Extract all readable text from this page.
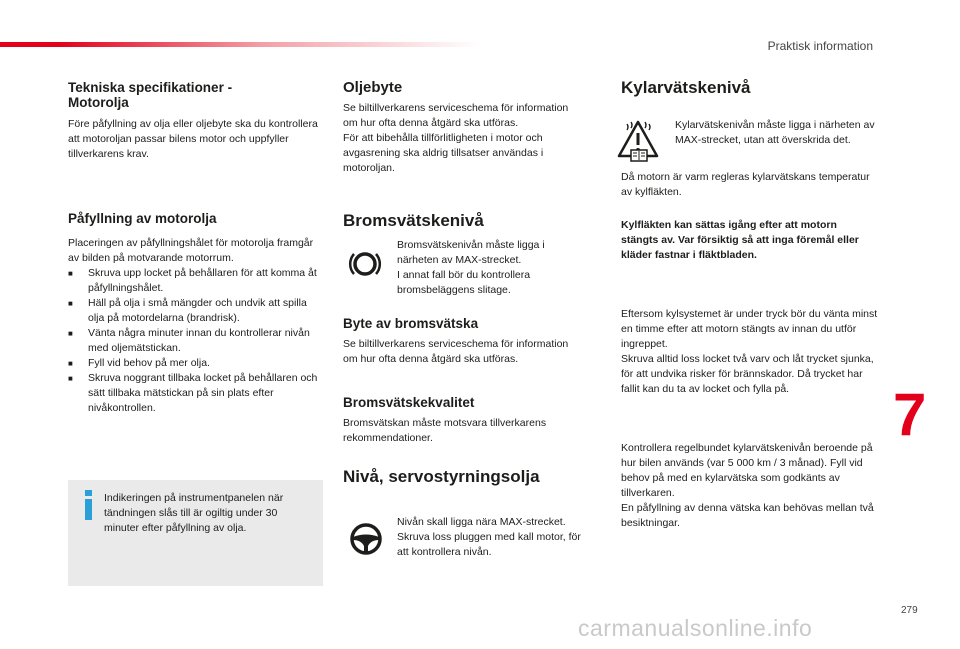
Praktisk information
Tekniska specifikationer -
Motorolja

Före påfyllning av olja eller oljebyte ska du kontrollera att motoroljan passar bilens motor och uppfyller tillverkarens krav.

Påfyllning av motorolja

Placeringen av påfyllningshålet för motorolja framgår av bilden på motvarande motorrum.

■ Skruva upp locket på behållaren för att komma åt påfyllningshålet.
■ Häll på olja i små mängder och undvik att spilla olja på motordelarna (brandrisk).
■ Vänta några minuter innan du kontrollerar nivån med oljemätstickan.
■ Fyll vid behov på mer olja.
■ Skruva noggrant tillbaka locket på behållaren och sätt tillbaka mätstickan på sin plats efter nivåkontrollen.
Indikeringen på instrumentpanelen när tändningen slås till är ogiltig under 30 minuter efter påfyllning av olja.
Oljebyte

Se biltillverkarens serviceschema för information om hur ofta denna åtgärd ska utföras.
För att bibehålla tillförlitligheten i motor och avgasrening ska aldrig tillsatser användas i motoroljan.

Bromsvätskenivå

Bromsvätskenivån måste ligga i närheten av MAX-strecket.
I annat fall bör du kontrollera bromsbeläggens slitage.

Byte av bromsvätska

Se biltillverkarens serviceschema för information om hur ofta denna åtgärd ska utföras.

Bromsvätskekvalitet

Bromsvätskan måste motsvara tillverkarens rekommendationer.

Nivå, servostyrningsolja

Nivån skall ligga nära MAX-strecket. Skruva loss pluggen med kall motor, för att kontrollera nivån.

Kylarvätskenivå

Kylarvätskenivån måste ligga i närheten av MAX-strecket, utan att överskrida det.

Då motorn är varm regleras kylarvätskans temperatur av kylfläkten.

Kylfläkten kan sättas igång efter att motorn stängts av. Var försiktig så att inga föremål eller kläder fastnar i fläktbladen.

Eftersom kylsystemet är under tryck bör du vänta minst en timme efter att motorn stängts av innan du utför ingreppet.
Skruva alltid loss locket två varv och låt trycket sjunka, för att undvika risker för brännskador. Då trycket har fallit kan du ta av locket och fylla på.

Kontrollera regelbundet kylarvätskenivån beroende på hur bilen används (var 5 000 km / 3 månad). Fyll vid behov på med en kylarvätska som godkänts av tillverkaren.
En påfyllning av denna vätska kan behövas mellan två besiktningar.

7
279
carmanualsonline.info
